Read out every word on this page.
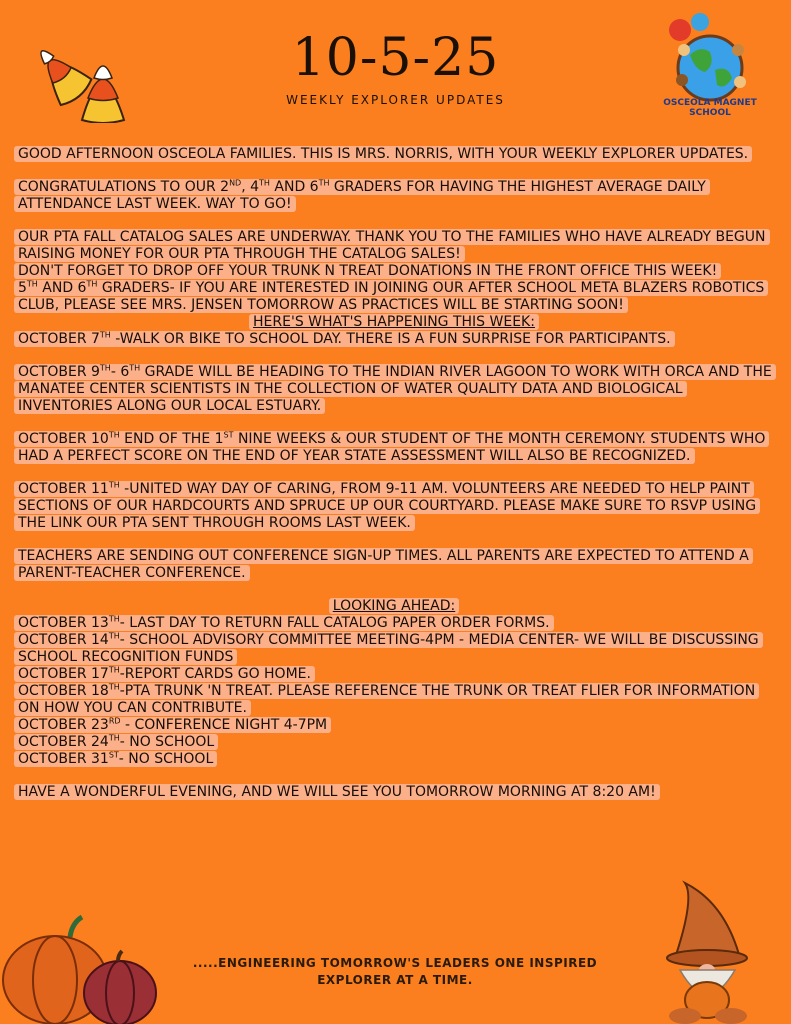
10-5-25
WEEKLY EXPLORER UPDATES	OSCEOLA MAGNET SCHOOL

GOOD AFTERNOON OSCEOLA FAMILIES. THIS IS MRS. NORRIS, WITH YOUR WEEKLY EXPLORER UPDATES.

CONGRATULATIONS TO OUR 2ND, 4TH AND 6TH GRADERS FOR HAVING THE HIGHEST AVERAGE DAILY ATTENDANCE LAST WEEK. WAY TO GO!

OUR PTA FALL CATALOG SALES ARE UNDERWAY. THANK YOU TO THE FAMILIES WHO HAVE ALREADY BEGUN RAISING MONEY FOR OUR PTA THROUGH THE CATALOG SALES!

DON'T FORGET TO DROP OFF YOUR TRUNK N TREAT DONATIONS IN THE FRONT OFFICE THIS WEEK!

5TH AND 6TH GRADERS- IF YOU ARE INTERESTED IN JOINING OUR AFTER SCHOOL META BLAZERS ROBOTICS CLUB, PLEASE SEE MRS. JENSEN TOMORROW AS PRACTICES WILL BE STARTING SOON!

HERE'S WHAT'S HAPPENING THIS WEEK:

OCTOBER 7TH -WALK OR BIKE TO SCHOOL DAY. THERE IS A FUN SURPRISE FOR PARTICIPANTS.

OCTOBER 9TH- 6TH GRADE WILL BE HEADING TO THE INDIAN RIVER LAGOON TO WORK WITH ORCA AND THE MANATEE CENTER SCIENTISTS IN THE COLLECTION OF WATER QUALITY DATA AND BIOLOGICAL INVENTORIES ALONG OUR LOCAL ESTUARY.

OCTOBER 10TH END OF THE 1ST NINE WEEKS & OUR STUDENT OF THE MONTH CEREMONY. STUDENTS WHO HAD A PERFECT SCORE ON THE END OF YEAR STATE ASSESSMENT WILL ALSO BE RECOGNIZED.

OCTOBER 11TH -UNITED WAY DAY OF CARING, FROM 9-11 AM. VOLUNTEERS ARE NEEDED TO HELP PAINT SECTIONS OF OUR HARDCOURTS AND SPRUCE UP OUR COURTYARD. PLEASE MAKE SURE TO RSVP USING THE LINK OUR PTA SENT THROUGH ROOMS LAST WEEK.

TEACHERS ARE SENDING OUT CONFERENCE SIGN-UP TIMES. ALL PARENTS ARE EXPECTED TO ATTEND A PARENT-TEACHER CONFERENCE.

LOOKING AHEAD:

OCTOBER 13TH- LAST DAY TO RETURN FALL CATALOG PAPER ORDER FORMS.

OCTOBER 14TH- SCHOOL ADVISORY COMMITTEE MEETING-4PM - MEDIA CENTER- WE WILL BE DISCUSSING SCHOOL RECOGNITION FUNDS

OCTOBER 17TH-REPORT CARDS GO HOME.

OCTOBER 18TH-PTA TRUNK 'N TREAT. PLEASE REFERENCE THE TRUNK OR TREAT FLIER FOR INFORMATION ON HOW YOU CAN CONTRIBUTE.

OCTOBER 23RD - CONFERENCE NIGHT 4-7PM

OCTOBER 24TH- NO SCHOOL

OCTOBER 31ST- NO SCHOOL

HAVE A WONDERFUL EVENING, AND WE WILL SEE YOU TOMORROW MORNING AT 8:20 AM!

.....ENGINEERING TOMORROW'S LEADERS ONE INSPIRED EXPLORER AT A TIME.
